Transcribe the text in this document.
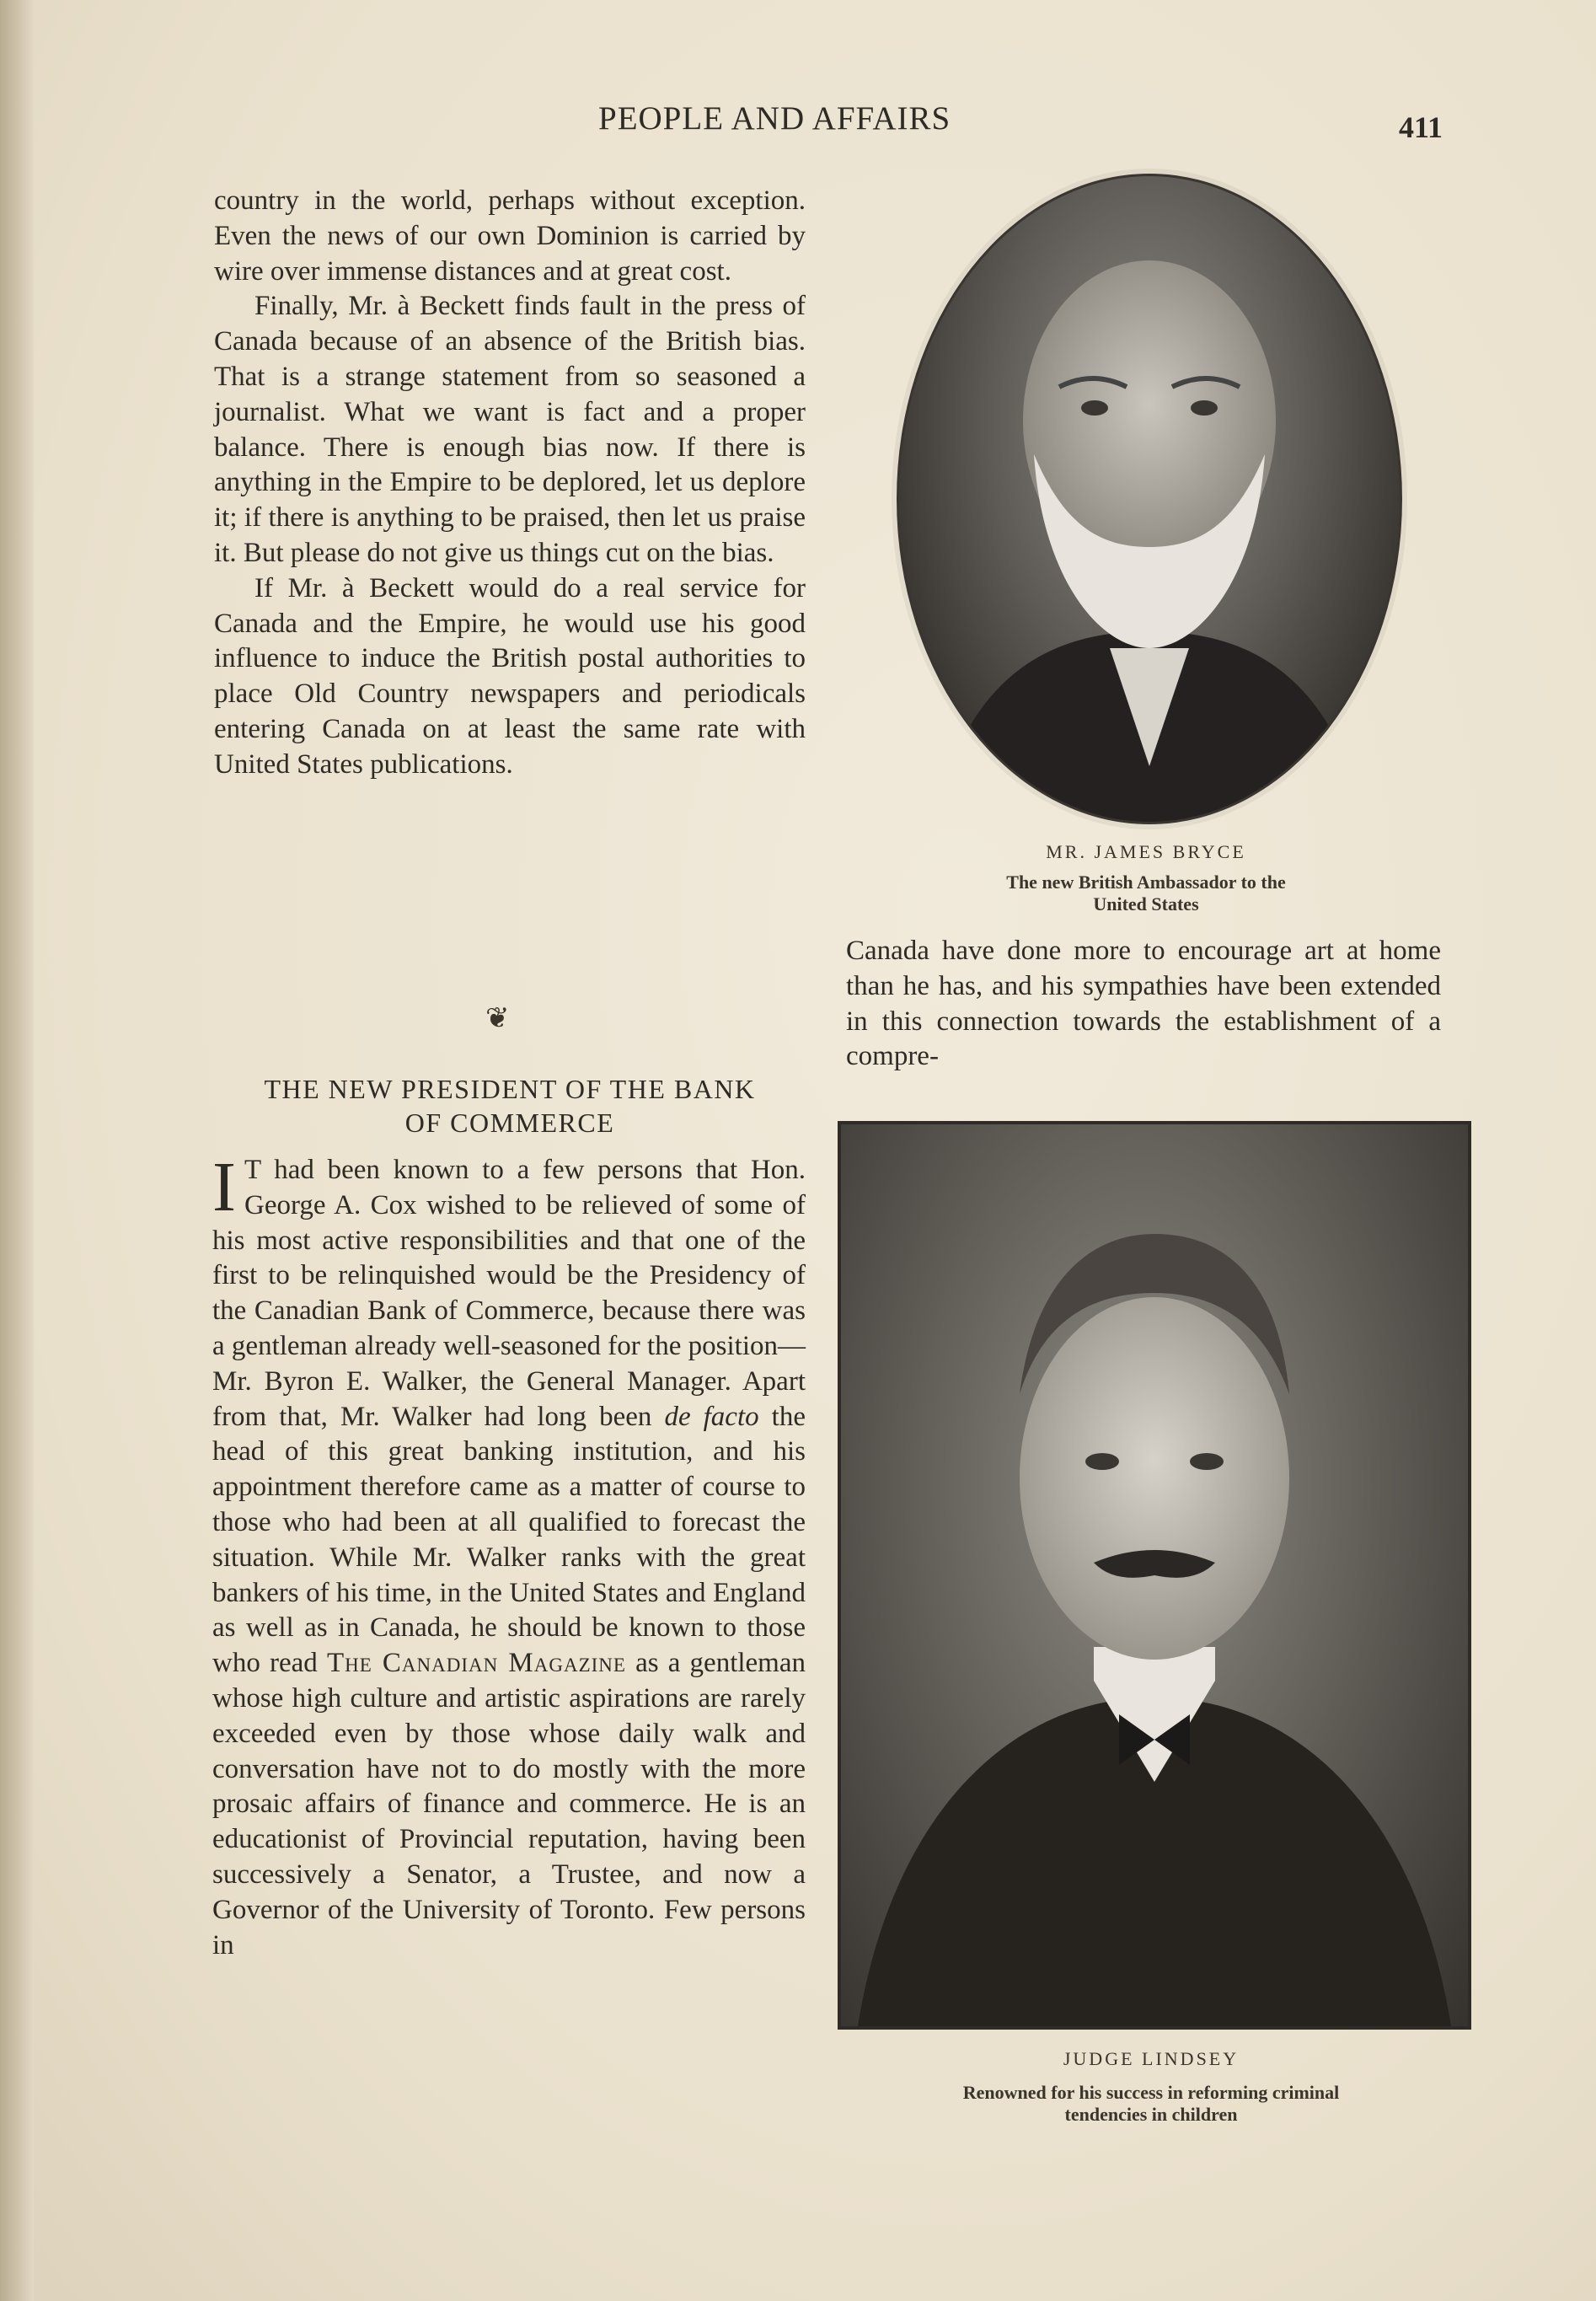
PEOPLE AND AFFAIRS	411

country in the world, perhaps without exception. Even the news of our own Dominion is carried by wire over immense distances and at great cost.

Finally, Mr. à Beckett finds fault in the press of Canada because of an absence of the British bias. That is a strange statement from so seasoned a journalist. What we want is fact and a proper balance. There is enough bias now. If there is anything in the Empire to be deplored, let us deplore it; if there is anything to be praised, then let us praise it. But please do not give us things cut on the bias.

If Mr. à Beckett would do a real service for Canada and the Empire, he would use his good influence to induce the British postal authorities to place Old Country newspapers and periodicals entering Canada on at least the same rate with United States publications.

❦
THE NEW PRESIDENT OF THE BANK
OF COMMERCE

I T had been known to a few persons that Hon. George A. Cox wished to be relieved of some of his most active responsibilities and that one of the first to be relinquished would be the Presidency of the Canadian Bank of Commerce, because there was a gentleman already well-seasoned for the position—Mr. Byron E. Walker, the General Manager. Apart from that, Mr. Walker had long been de facto the head of this great banking institution, and his appointment therefore came as a matter of course to those who had been at all qualified to forecast the situation. While Mr. Walker ranks with the great bankers of his time, in the United States and England as well as in Canada, he should be known to those who read The Canadian Magazine as a gentleman whose high culture and artistic aspirations are rarely exceeded even by those whose daily walk and conversation have not to do mostly with the more prosaic affairs of finance and commerce. He is an educationist of Provincial reputation, having been successively a Senator, a Trustee, and now a Governor of the University of Toronto. Few persons in

MR. JAMES BRYCE
The new British Ambassador to the
United States

Canada have done more to encourage art at home than he has, and his sympathies have been extended in this connection towards the establishment of a compre-

JUDGE LINDSEY
Renowned for his success in reforming criminal
tendencies in children
